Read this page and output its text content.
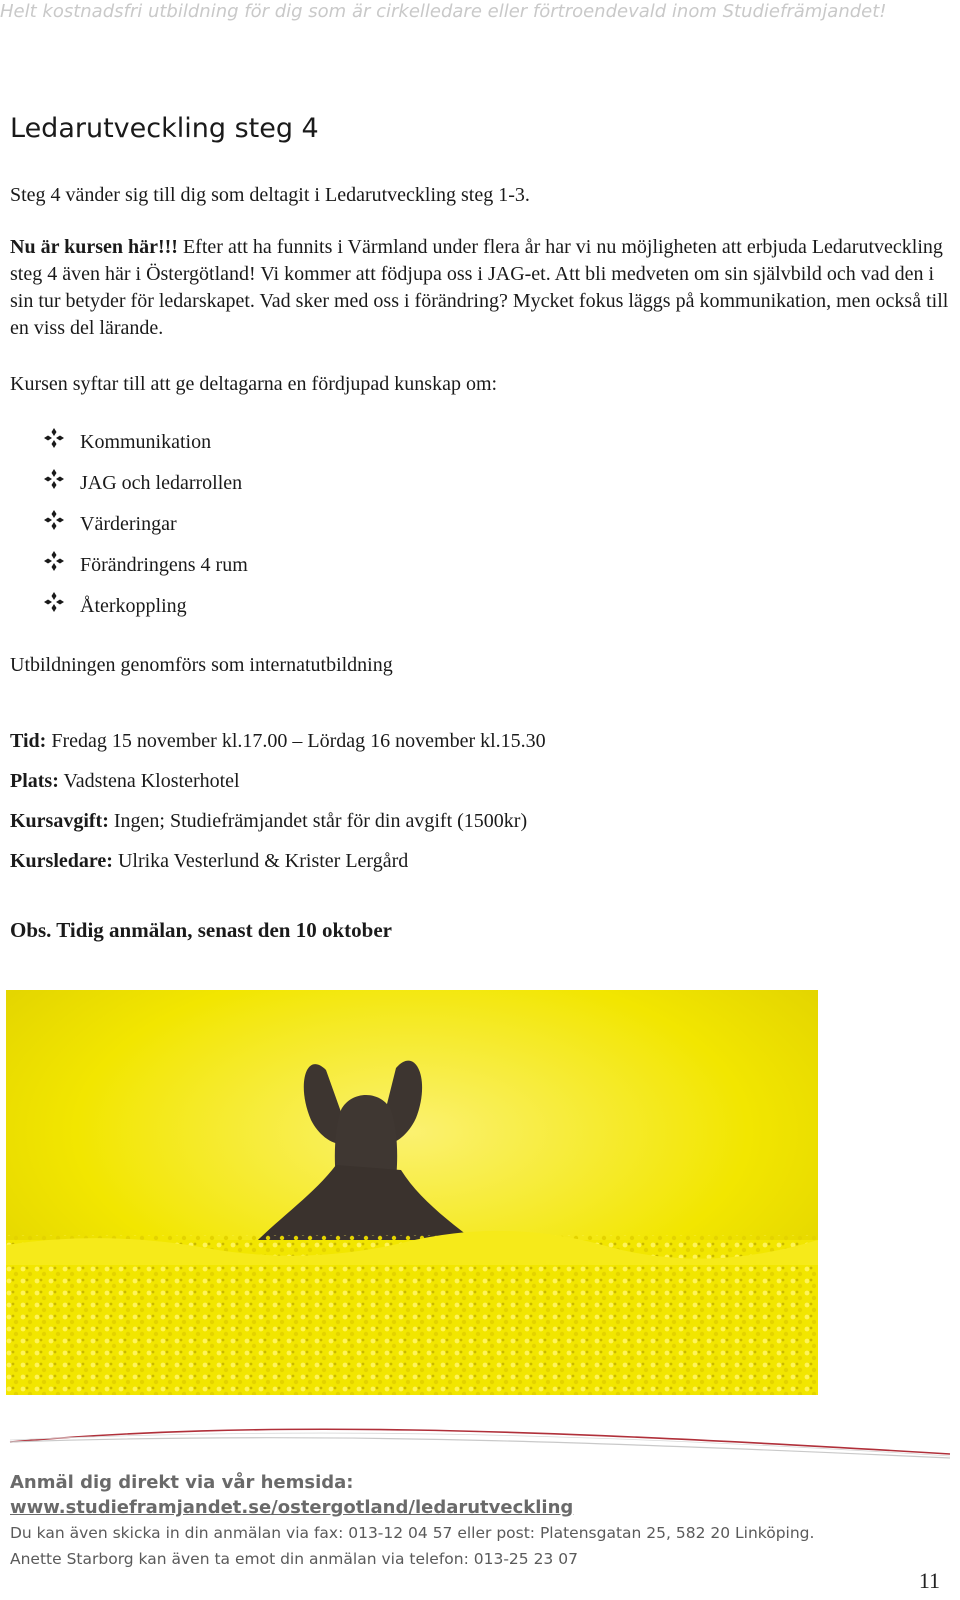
Helt kostnadsfri utbildning för dig som är cirkelledare eller förtroendevald inom Studiefrämjandet!
Ledarutveckling steg 4

Steg 4 vänder sig till dig som deltagit i Ledarutveckling steg 1-3.

Nu är kursen här!!! Efter att ha funnits i Värmland under flera år har vi nu möjligheten att erbjuda Ledarutveckling steg 4 även här i Östergötland! Vi kommer att födjupa oss i JAG-et. Att bli medveten om sin självbild och vad den i sin tur betyder för ledarskapet. Vad sker med oss i förändring? Mycket fokus läggs på kommunikation, men också till en viss del lärande.

Kursen syftar till att ge deltagarna en fördjupad kunskap om:

Kommunikation
JAG och ledarrollen
Värderingar
Förändringens 4 rum
Återkoppling

Utbildningen genomförs som internatutbildning

Tid: Fredag 15 november kl.17.00 – Lördag 16 november kl.15.30
Plats: Vadstena Klosterhotel
Kursavgift: Ingen; Studiefrämjandet står för din avgift (1500kr)
Kursledare: Ulrika Vesterlund & Krister Lergård

Obs. Tidig anmälan, senast den 10 oktober

Anmäl dig direkt via vår hemsida:
www.studieframjandet.se/ostergotland/ledarutveckling
Du kan även skicka in din anmälan via fax: 013-12 04 57 eller post: Platensgatan 25, 582 20 Linköping.
Anette Starborg kan även ta emot din anmälan via telefon: 013-25 23 07
11
